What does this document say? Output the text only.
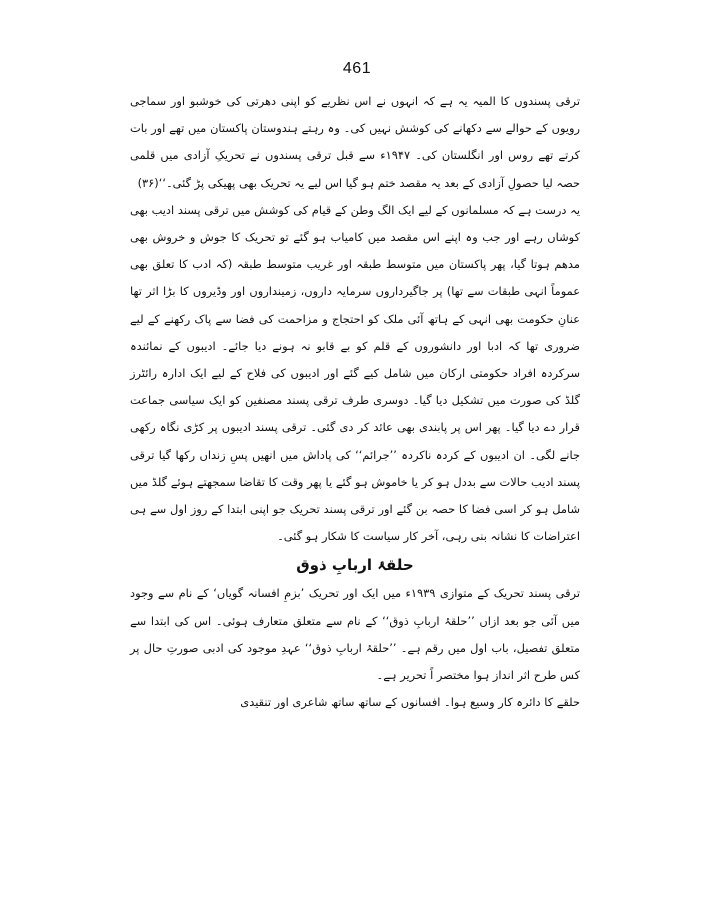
461

ترقی پسندوں کا المیہ یہ ہے کہ انہوں نے اس نظریے کو اپنی دھرتی کی خوشبو اور سماجی رویوں کے حوالے سے دکھانے کی کوشش نہیں کی۔ وہ رہتے ہندوستان پاکستان میں تھے اور بات کرتے تھے روس اور انگلستان کی۔ ۱۹۴۷ء سے قبل ترقی پسندوں نے تحریکِ آزادی میں قلمی حصہ لیا حصولِ آزادی کے بعد یہ مقصد ختم ہو گیا اس لیے یہ تحریک بھی پھیکی پڑ گئی۔‘‘(۳۶)

یہ درست ہے کہ مسلمانوں کے لیے ایک الگ وطن کے قیام کی کوشش میں ترقی پسند ادیب بھی کوشاں رہے اور جب وہ اپنے اس مقصد میں کامیاب ہو گئے تو تحریک کا جوش و خروش بھی مدھم ہوتا گیا، پھر پاکستان میں متوسط طبقہ اور غریب متوسط طبقہ (کہ ادب کا تعلق بھی عموماً انہی طبقات سے تھا) پر جاگیرداروں سرمایہ داروں، زمینداروں اور وڈیروں کا بڑا اثر تھا عنانِ حکومت بھی انہی کے ہاتھ آئی ملک کو احتجاج و مزاحمت کی فضا سے پاک رکھنے کے لیے ضروری تھا کہ ادبا اور دانشوروں کے قلم کو بے قابو نہ ہونے دیا جائے۔ ادیبوں کے نمائندہ سرکردہ افراد حکومتی ارکان میں شامل کیے گئے اور ادیبوں کی فلاح کے لیے ایک ادارہ رائٹرز گلڈ کی صورت میں تشکیل دیا گیا۔ دوسری طرف ترقی پسند مصنفین کو ایک سیاسی جماعت قرار دے دیا گیا۔ پھر اس پر پابندی بھی عائد کر دی گئی۔ ترقی پسند ادیبوں پر کڑی نگاہ رکھی جانے لگی۔ ان ادیبوں کے کردہ ناکردہ ’’جرائم‘‘ کی پاداش میں انھیں پسِ زنداں رکھا گیا ترقی پسند ادیب حالات سے بددل ہو کر یا خاموش ہو گئے یا پھر وقت کا تقاضا سمجھتے ہوئے گلڈ میں شامل ہو کر اسی فضا کا حصہ بن گئے اور ترقی پسند تحریک جو اپنی ابتدا کے روز اول سے ہی اعتراضات کا نشانہ بنی رہی، آخر کار سیاست کا شکار ہو گئی۔

حلقۂ اربابِ ذوق

ترقی پسند تحریک کے متوازی ۱۹۳۹ء میں ایک اور تحریک ’بزمِ افسانہ گویاں‘ کے نام سے وجود میں آئی جو بعد ازاں ’’حلقۂ اربابِ ذوق‘‘ کے نام سے متعلق متعارف ہوئی۔ اس کی ابتدا سے متعلق تفصیل، باب اول میں رقم ہے۔ ’’حلقۂ اربابِ ذوق‘‘ عہدِ موجود کی ادبی صورتِ حال پر کس طرح اثر انداز ہوا مختصر اً تحریر ہے۔

حلقے کا دائرہ کار وسیع ہوا۔ افسانوں کے ساتھ ساتھ شاعری اور تنقیدی
